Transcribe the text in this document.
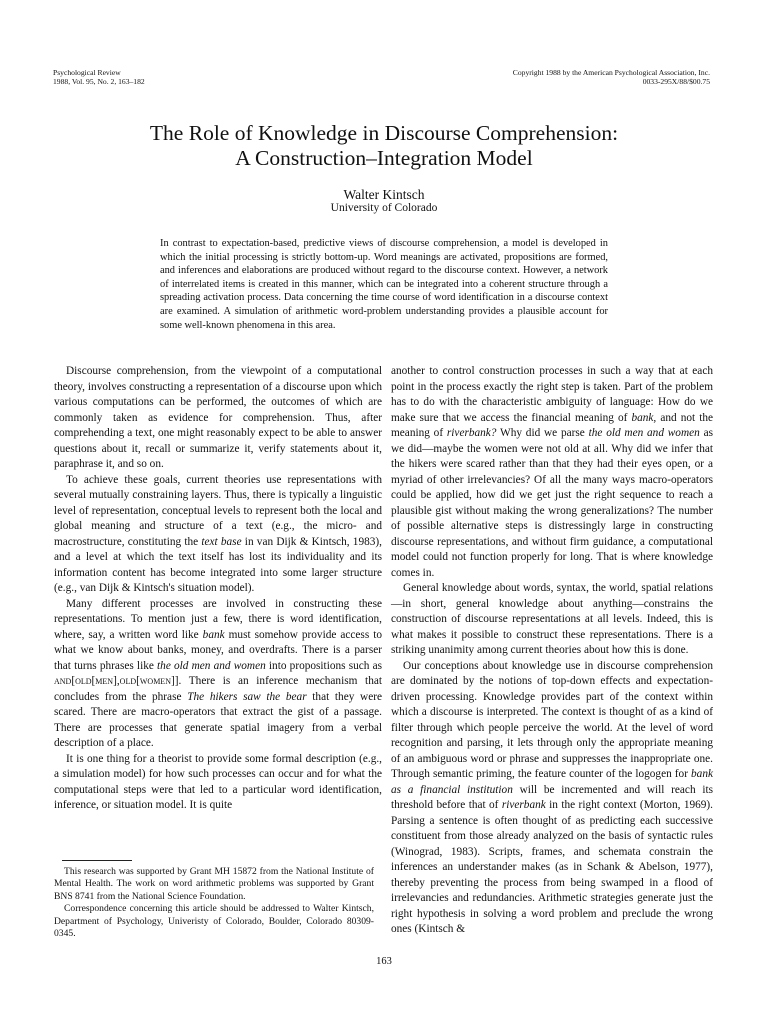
Psychological Review
1988, Vol. 95, No. 2, 163–182
Copyright 1988 by the American Psychological Association, Inc.
0033-295X/88/$00.75
The Role of Knowledge in Discourse Comprehension:
A Construction–Integration Model
Walter Kintsch
University of Colorado
In contrast to expectation-based, predictive views of discourse comprehension, a model is developed in which the initial processing is strictly bottom-up. Word meanings are activated, propositions are formed, and inferences and elaborations are produced without regard to the discourse context. However, a network of interrelated items is created in this manner, which can be integrated into a coherent structure through a spreading activation process. Data concerning the time course of word identification in a discourse context are examined. A simulation of arithmetic word-problem understanding provides a plausible account for some well-known phenomena in this area.

Discourse comprehension, from the viewpoint of a computational theory, involves constructing a representation of a discourse upon which various computations can be performed, the outcomes of which are commonly taken as evidence for comprehension. Thus, after comprehending a text, one might reasonably expect to be able to answer questions about it, recall or summarize it, verify statements about it, paraphrase it, and so on.

To achieve these goals, current theories use representations with several mutually constraining layers. Thus, there is typically a linguistic level of representation, conceptual levels to represent both the local and global meaning and structure of a text (e.g., the micro- and macrostructure, constituting the text base in van Dijk & Kintsch, 1983), and a level at which the text itself has lost its individuality and its information content has become integrated into some larger structure (e.g., van Dijk & Kintsch's situation model).

Many different processes are involved in constructing these representations. To mention just a few, there is word identification, where, say, a written word like bank must somehow provide access to what we know about banks, money, and overdrafts. There is a parser that turns phrases like the old men and women into propositions such as and[old[men],old[women]]. There is an inference mechanism that concludes from the phrase The hikers saw the bear that they were scared. There are macro-operators that extract the gist of a passage. There are processes that generate spatial imagery from a verbal description of a place.

It is one thing for a theorist to provide some formal description (e.g., a simulation model) for how such processes can occur and for what the computational steps were that led to a particular word identification, inference, or situation model. It is quite

another to control construction processes in such a way that at each point in the process exactly the right step is taken. Part of the problem has to do with the characteristic ambiguity of language: How do we make sure that we access the financial meaning of bank, and not the meaning of riverbank? Why did we parse the old men and women as we did—maybe the women were not old at all. Why did we infer that the hikers were scared rather than that they had their eyes open, or a myriad of other irrelevancies? Of all the many ways macro-operators could be applied, how did we get just the right sequence to reach a plausible gist without making the wrong generalizations? The number of possible alternative steps is distressingly large in constructing discourse representations, and without firm guidance, a computational model could not function properly for long. That is where knowledge comes in.

General knowledge about words, syntax, the world, spatial relations—in short, general knowledge about anything—constrains the construction of discourse representations at all levels. Indeed, this is what makes it possible to construct these representations. There is a striking unanimity among current theories about how this is done.

Our conceptions about knowledge use in discourse comprehension are dominated by the notions of top-down effects and expectation-driven processing. Knowledge provides part of the context within which a discourse is interpreted. The context is thought of as a kind of filter through which people perceive the world. At the level of word recognition and parsing, it lets through only the appropriate meaning of an ambiguous word or phrase and suppresses the inappropriate one. Through semantic priming, the feature counter of the logogen for bank as a financial institution will be incremented and will reach its threshold before that of riverbank in the right context (Morton, 1969). Parsing a sentence is often thought of as predicting each successive constituent from those already analyzed on the basis of syntactic rules (Winograd, 1983). Scripts, frames, and schemata constrain the inferences an understander makes (as in Schank & Abelson, 1977), thereby preventing the process from being swamped in a flood of irrelevancies and redundancies. Arithmetic strategies generate just the right hypothesis in solving a word problem and preclude the wrong ones (Kintsch &

This research was supported by Grant MH 15872 from the National Institute of Mental Health. The work on word arithmetic problems was supported by Grant BNS 8741 from the National Science Foundation.

Correspondence concerning this article should be addressed to Walter Kintsch, Department of Psychology, Univeristy of Colorado, Boulder, Colorado 80309-0345.

163
